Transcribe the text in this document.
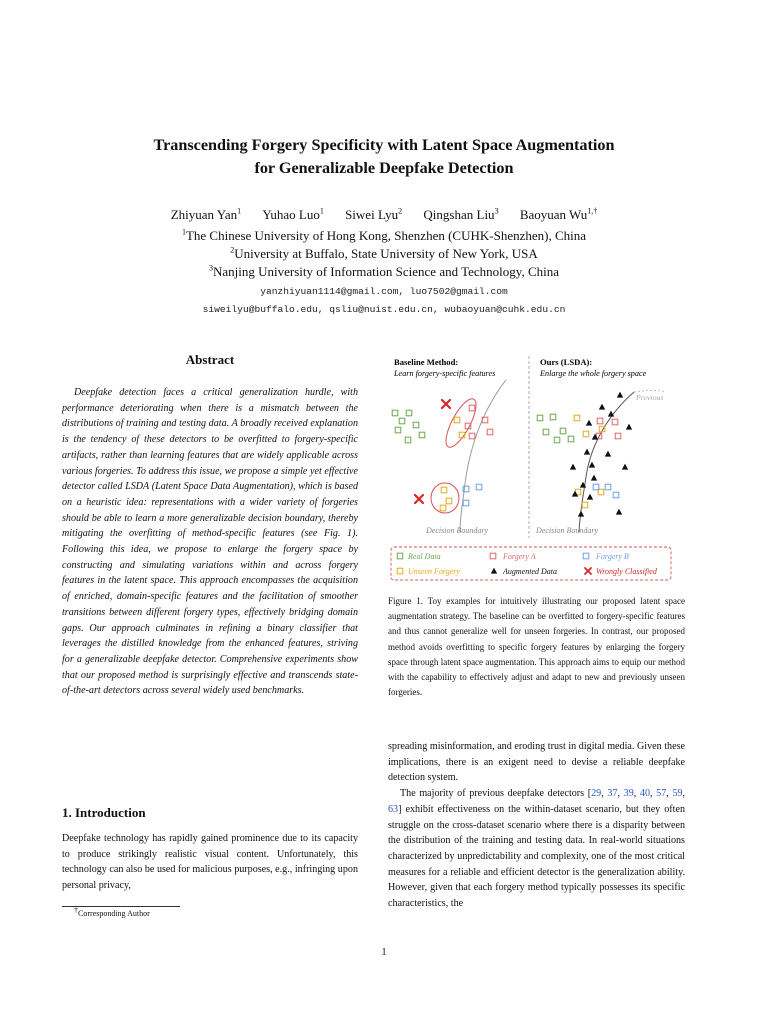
Transcending Forgery Specificity with Latent Space Augmentation
for Generalizable Deepfake Detection
Zhiyuan Yan$^1$ Yuhao Luo$^1$ Siwei Lyu$^2$ Qingshan Liu$^3$ Baoyuan $Wu^{1,\dagger}$
$^1$The Chinese University of Hong Kong, Shenzhen (CUHK-Shenzhen), China
$^2$University at Buffalo, State University of New York, USA
$^3$Nanjing University of Information Science and Technology, China
yanzhiyuan1114@gmail.com, luo7502@gmail.com
siweilyu@buffalo.edu, qsliu@nuist.edu.cn, wubaoyuan@cuhk.edu.cn
Abstract
Deepfake detection faces a critical generalization hurdle, with performance deteriorating when there is a mismatch between the distributions of training and testing data. A broadly received explanation is the tendency of these detectors to be overfitted to forgery-specific artifacts, rather than learning features that are widely applicable across various forgeries. To address this issue, we propose a simple yet effective detector called LSDA (Latent Space Data Augmentation), which is based on a heuristic idea: representations with a wider variety of forgeries should be able to learn a more generalizable decision boundary, thereby mitigating the overfitting of method-specific features (see Fig. 1). Following this idea, we propose to enlarge the forgery space by constructing and simulating variations within and across forgery features in the latent space. This approach encompasses the acquisition of enriched, domain-specific features and the facilitation of smoother transitions between different forgery types, effectively bridging domain gaps. Our approach culminates in refining a binary classifier that leverages the distilled knowledge from the enhanced features, striving for a generalizable deepfake detector. Comprehensive experiments show that our proposed method is surprisingly effective and transcends state-of-the-art detectors across several widely used benchmarks.
1. Introduction
Deepfake technology has rapidly gained prominence due to its capacity to produce strikingly realistic visual content. Unfortunately, this technology can also be used for malicious purposes, e.g., infringing upon personal privacy,
†Corresponding Author
Baseline Method:
Learn forgery-specific features
Ours (LSDA):
Enlarge the whole forgery space
Decision Boundary
Previous
Decision Boundary
Real Data	Forgery A	Forgery B
Unseen Forgery	Augmented Data	Wrongly Classified
Figure 1. Toy examples for intuitively illustrating our proposed latent space augmentation strategy. The baseline can be overfitted to forgery-specific features and thus cannot generalize well for unseen forgeries. In contrast, our proposed method avoids overfitting to specific forgery features by enlarging the forgery space through latent space augmentation. This approach aims to equip our method with the capability to effectively adjust and adapt to new and previously unseen forgeries.

spreading misinformation, and eroding trust in digital media. Given these implications, there is an exigent need to devise a reliable deepfake detection system.

The majority of previous deepfake detectors [29, 37, 39, 40, 57, 59, 63] exhibit effectiveness on the within-dataset scenario, but they often struggle on the cross-dataset scenario where there is a disparity between the distribution of the training and testing data. In real-world situations characterized by unpredictability and complexity, one of the most critical measures for a reliable and efficient detector is the generalization ability. However, given that each forgery method typically possesses its specific characteristics, the

1
